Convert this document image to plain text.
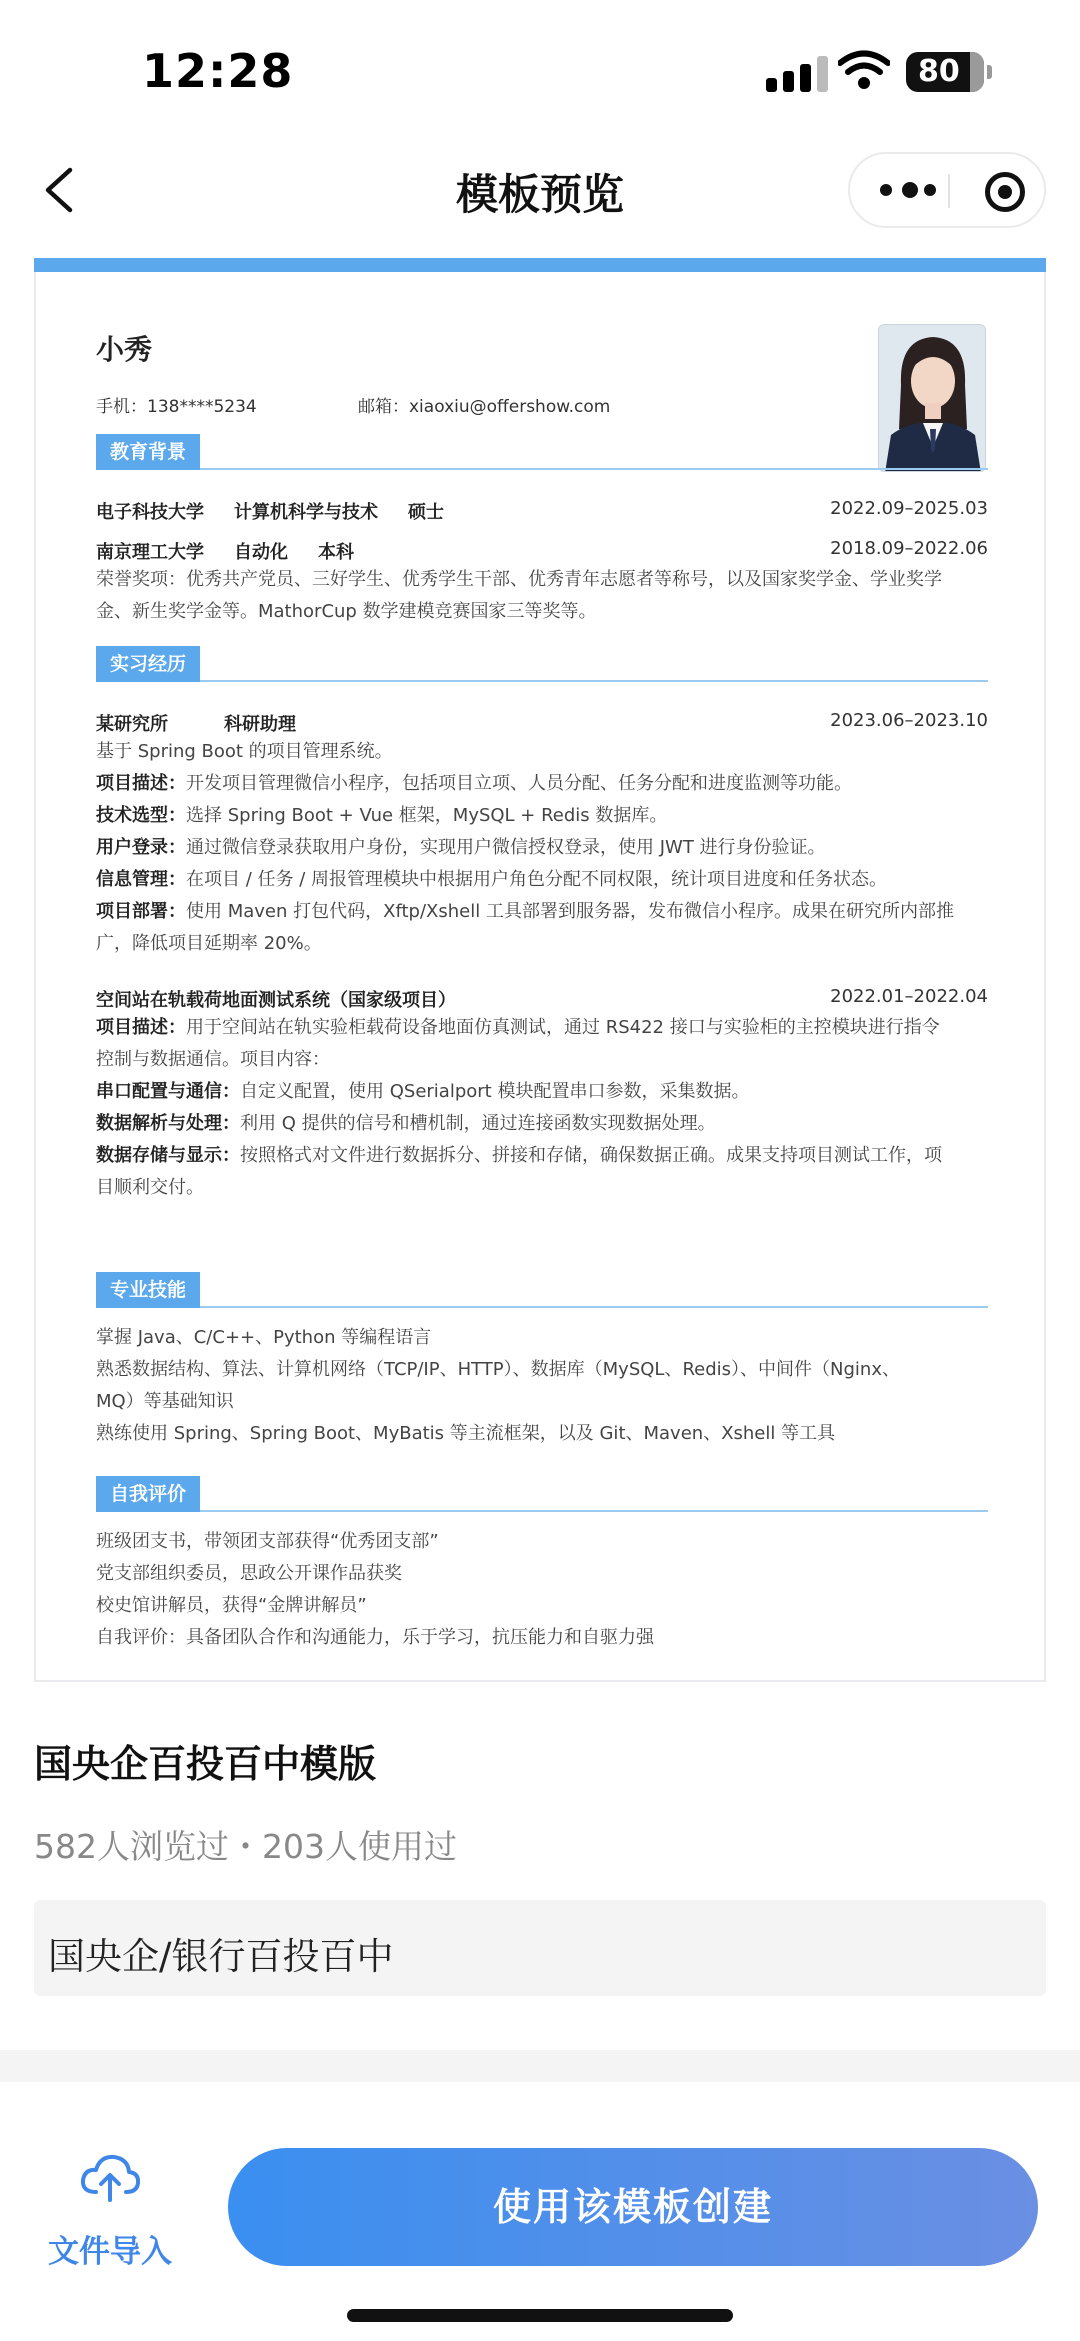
12:28	80
模板预览
小秀
手机：138****5234	邮箱：xiaoxiu@offershow.com
教育背景
电子科技大学 计算机科学与技术 硕士	2022.09–2025.03
南京理工大学 自动化 本科	2018.09–2022.06
荣誉奖项：优秀共产党员、三好学生、优秀学生干部、优秀青年志愿者等称号，以及国家奖学金、学业奖学
金、新生奖学金等。MathorCup 数学建模竞赛国家三等奖等。
实习经历
某研究所	科研助理	2023.06–2023.10
基于 Spring Boot 的项目管理系统。
项目描述：开发项目管理微信小程序，包括项目立项、人员分配、任务分配和进度监测等功能。
技术选型：选择 Spring Boot + Vue 框架，MySQL + Redis 数据库。
用户登录：通过微信登录获取用户身份，实现用户微信授权登录，使用 JWT 进行身份验证。
信息管理：在项目 / 任务 / 周报管理模块中根据用户角色分配不同权限，统计项目进度和任务状态。
项目部署：使用 Maven 打包代码，Xftp/Xshell 工具部署到服务器，发布微信小程序。成果在研究所内部推
广，降低项目延期率 20%。
空间站在轨载荷地面测试系统（国家级项目）	2022.01–2022.04
项目描述：用于空间站在轨实验柜载荷设备地面仿真测试，通过 RS422 接口与实验柜的主控模块进行指令
控制与数据通信。项目内容：
串口配置与通信：自定义配置，使用 QSerialport 模块配置串口参数，采集数据。
数据解析与处理：利用 Q 提供的信号和槽机制，通过连接函数实现数据处理。
数据存储与显示：按照格式对文件进行数据拆分、拼接和存储，确保数据正确。成果支持项目测试工作，项
目顺利交付。
专业技能
掌握 Java、C/C++、Python 等编程语言
熟悉数据结构、算法、计算机网络（TCP/IP、HTTP）、数据库（MySQL、Redis）、中间件（Nginx、
MQ）等基础知识
熟练使用 Spring、Spring Boot、MyBatis 等主流框架，以及 Git、Maven、Xshell 等工具
自我评价
班级团支书，带领团支部获得“优秀团支部”
党支部组织委员，思政公开课作品获奖
校史馆讲解员，获得“金牌讲解员”
自我评价：具备团队合作和沟通能力，乐于学习，抗压能力和自驱力强
国央企百投百中模版
582人浏览过・203人使用过
国央企/银行百投百中
文件导入
使用该模板创建
